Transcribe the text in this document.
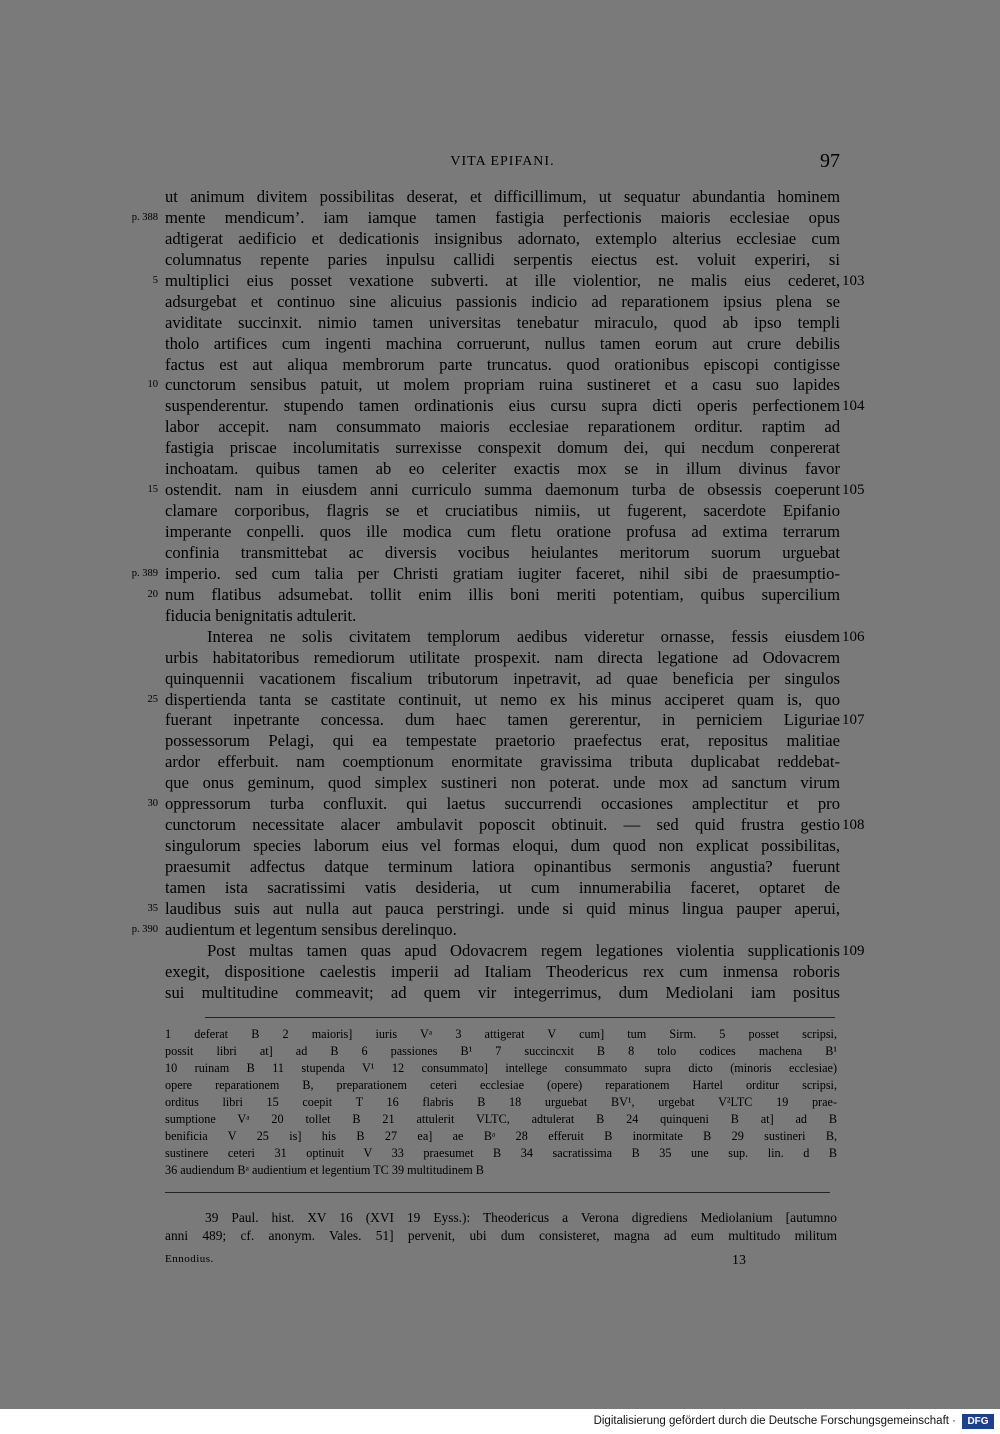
VITA EPIFANI.	97
ut animum divitem possibilitas deserat, et difficillimum, ut sequatur abundantia hominem
mente mendicum’. iam iamque tamen fastigia perfectionis maioris ecclesiae opus
p. 388
adtigerat aedificio et dedicationis insignibus adornato, extemplo alterius ecclesiae cum
columnatus repente paries inpulsu callidi serpentis eiectus est. voluit experiri, si
multiplici eius posset vexatione subverti. at ille violentior, ne malis eius cederet,
5	103
adsurgebat et continuo sine alicuius passionis indicio ad reparationem ipsius plena se
aviditate succinxit. nimio tamen universitas tenebatur miraculo, quod ab ipso templi
tholo artifices cum ingenti machina corruerunt, nullus tamen eorum aut crure debilis
factus est aut aliqua membrorum parte truncatus. quod orationibus episcopi contigisse
cunctorum sensibus patuit, ut molem propriam ruina sustineret et a casu suo lapides
10
suspenderentur. stupendo tamen ordinationis eius cursu supra dicti operis perfectionem 104
labor accepit. nam consummato maioris ecclesiae reparationem orditur. raptim ad
fastigia priscae incolumitatis surrexisse conspexit domum dei, qui necdum conpererat
inchoatam. quibus tamen ab eo celeriter exactis mox se in illum divinus favor
ostendit. nam in eiusdem anni curriculo summa daemonum turba de obsessis coeperunt
15	105
clamare corporibus, flagris se et cruciatibus nimiis, ut fugerent, sacerdote Epifanio
imperante conpelli. quos ille modica cum fletu oratione profusa ad extima terrarum
confinia transmittebat ac diversis vocibus heiulantes meritorum suorum urguebat
imperio. sed cum talia per Christi gratiam iugiter faceret, nihil sibi de praesumptio-
p. 389
num flatibus adsumebat. tollit enim illis boni meriti potentiam, quibus supercilium
20
fiducia benignitatis adtulerit.
Interea ne solis civitatem templorum aedibus videretur ornasse, fessis eiusdem 106
urbis habitatoribus remediorum utilitate prospexit. nam directa legatione ad Odovacrem
quinquennii vacationem fiscalium tributorum inpetravit, ad quae beneficia per singulos
dispertienda tanta se castitate continuit, ut nemo ex his minus acciperet quam is, quo
25
fuerant inpetrante concessa. dum haec tamen gererentur, in perniciem Liguriae 107
possessorum Pelagi, qui ea tempestate praetorio praefectus erat, repositus malitiae
ardor efferbuit. nam coemptionum enormitate gravissima tributa duplicabat reddebat-
que onus geminum, quod simplex sustineri non poterat. unde mox ad sanctum virum
oppressorum turba confluxit. qui laetus succurrendi occasiones amplectitur et pro
30
cunctorum necessitate alacer ambulavit poposcit obtinuit. — sed quid frustra gestio 108
singulorum species laborum eius vel formas eloqui, dum quod non explicat possibilitas,
praesumit adfectus datque terminum latiora opinantibus sermonis angustia? fuerunt
tamen ista sacratissimi vatis desideria, ut cum innumerabilia faceret, optaret de
laudibus suis aut nulla aut pauca perstringi. unde si quid minus lingua pauper aperui,
35
audientum et legentum sensibus derelinquo.
p. 390
Post multas tamen quas apud Odovacrem regem legationes violentia supplicationis 109
exegit, dispositione caelestis imperii ad Italiam Theodericus rex cum inmensa roboris
sui multitudine commeavit; ad quem vir integerrimus, dum Mediolani iam positus
1 deferat B 2 maioris] iuris Vᵃ 3 attigerat V cum] tum Sirm. 5 posset scripsi,
possit libri at] ad B 6 passiones B¹ 7 succincxit B 8 tolo codices machena B¹
10 ruinam B 11 stupenda V¹ 12 consummato] intellege consummato supra dicto (minoris ecclesiae)
opere reparationem B, preparationem ceteri ecclesiae (opere) reparationem Hartel orditur scripsi,
orditus libri 15 coepit T 16 flabris B 18 urguebat BV¹, urgebat V²LTC 19 prae-
sumptione Vᵃ 20 tollet B 21 attulerit VLTC, adtulerat B 24 quinqueni B at] ad B
benificia V 25 is] his B 27 ea] ae Bᵃ 28 efferuit B inormitate B 29 sustineri B,
sustinere ceteri 31 optinuit V 33 praesumet B 34 sacratissima B 35 une sup. lin. d B
36 audiendum Bᵃ audientium et legentium TC 39 multitudinem B
39 Paul. hist. XV 16 (XVI 19 Eyss.): Theodericus a Verona digrediens Mediolanium [autumno
anni 489; cf. anonym. Vales. 51] pervenit, ubi dum consisteret, magna ad eum multitudo militum
Ennodius.	13
Digitalisierung gefördert durch die Deutsche Forschungsgemeinschaft ·	DFG
